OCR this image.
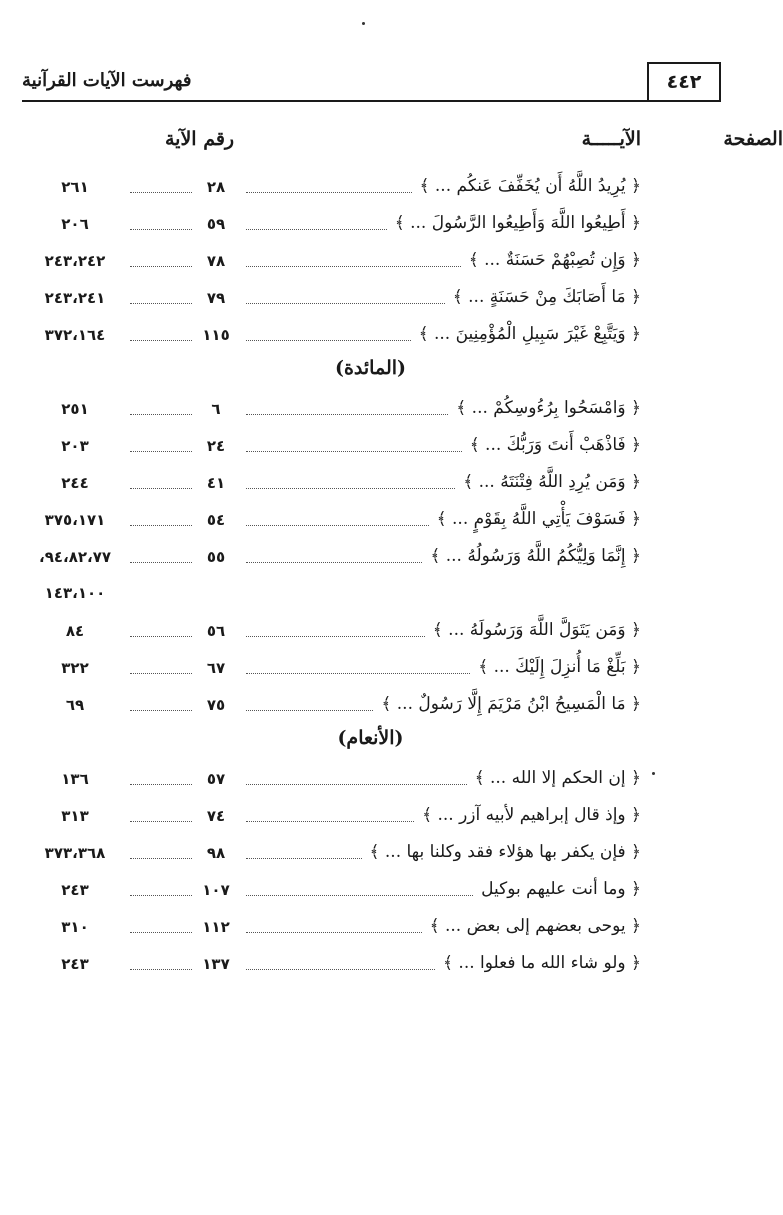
٤٤٢
فهرست الآيات القرآنية
الآيـــــة
رقم الآية	الصفحة
٢٦١	٢٨	﴿ يُرِيدُ اللَّهُ أَن يُخَفِّفَ عَنكُم ... ﴾
٢٠٦	٥٩	﴿ أَطِيعُوا اللَّهَ وَأَطِيعُوا الرَّسُولَ ... ﴾
٢٤٣،٢٤٢	٧٨	﴿ وَإِن تُصِبْهُمْ حَسَنَةٌ ... ﴾
٢٤٣،٢٤١	٧٩	﴿ مَا أَصَابَكَ مِنْ حَسَنَةٍ ... ﴾
٣٧٢،١٦٤	١١٥	﴿ وَيَتَّبِعْ غَيْرَ سَبِيلِ الْمُؤْمِنِينَ ... ﴾
(المائدة)
٢٥١	٦	﴿ وَامْسَحُوا بِرُءُوسِكُمْ ... ﴾
٢٠٣	٢٤	﴿ فَاذْهَبْ أَنتَ وَرَبُّكَ ... ﴾
٢٤٤	٤١	﴿ وَمَن يُرِدِ اللَّهُ فِتْنَتَهُ ... ﴾
٣٧٥،١٧١	٥٤	﴿ فَسَوْفَ يَأْتِي اللَّهُ بِقَوْمٍ ... ﴾
،٩٤،٨٢،٧٧	٥٥	﴿ إِنَّمَا وَلِيُّكُمُ اللَّهُ وَرَسُولُهُ ... ﴾
١٤٣،١٠٠
٨٤	٥٦	﴿ وَمَن يَتَوَلَّ اللَّهَ وَرَسُولَهُ ... ﴾
٣٢٢	٦٧	﴿ بَلِّغْ مَا أُنزِلَ إِلَيْكَ ... ﴾
٦٩	٧٥	﴿ مَا الْمَسِيحُ ابْنُ مَرْيَمَ إِلَّا رَسُولٌ ... ﴾
(الأنعام)
١٣٦	٥٧	﴿ إن الحكم إلا الله ... ﴾
٣١٣	٧٤	﴿ وإذ قال إبراهيم لأبيه آزر ... ﴾
٣٧٣،٣٦٨	٩٨	﴿ فإن يكفر بها هؤلاء فقد وكلنا بها ... ﴾
٢٤٣	١٠٧	﴿ وما أنت عليهم بوكيل
٣١٠	١١٢	﴿ يوحى بعضهم إلى بعض ... ﴾
٢٤٣	١٣٧	﴿ ولو شاء الله ما فعلوا ... ﴾
